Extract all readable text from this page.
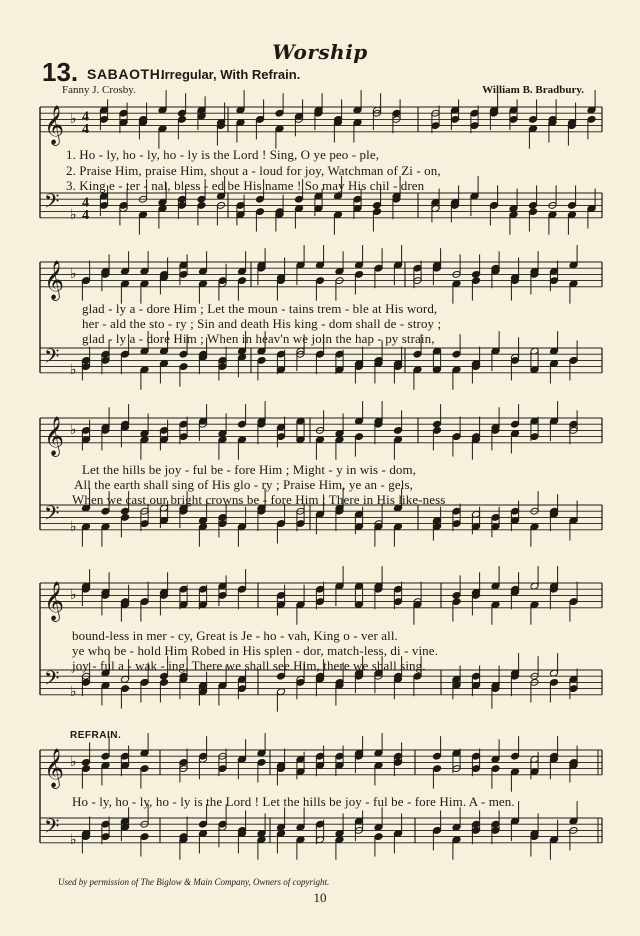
𝄞
𝄢
♭
♭
4
4
4
4
𝄞
𝄢
♭
♭
𝄞
𝄢
♭
♭
𝄞
𝄢
♭
♭
𝄞
𝄢
♭
♭
Worship
13. SABAOTH.
Irregular, With Refrain.
Fanny J. Crosby.	William B. Bradbury.
1. Ho - ly, ho - ly, ho - ly is the Lord ! Sing, O ye peo - ple,
2. Praise Him, praise Him, shout a - loud for joy, Watchman of Zi - on,
3. King e - ter - nal, bless - ed be His name ! So may His chil - dren
glad - ly a - dore Him ; Let the moun - tains trem - ble at His word,
her - ald the sto - ry ; Sin and death His king - dom shall de - stroy ;
glad - ly a - dore Him ; When in heav'n we join the hap - py strain,
Let the hills be joy - ful be - fore Him ; Might - y in wis - dom,
All the earth shall sing of His glo - ry ; Praise Him, ye an - gels,
When we cast our bright crowns be - fore Him ; There in His like-ness
bound-less in mer - cy, Great is Je - ho - vah, King o - ver all.
ye who be - hold Him Robed in His splen - dor, match-less, di - vine.
joy - ful a - wak - ing, There we shall see Him, there we shall sing.
REFRAIN.
Ho - ly, ho - ly, ho - ly is the Lord ! Let the hills be joy - ful be - fore Him. A - men.
Used by permission of The Biglow & Main Company, Owners of copyright.
10
